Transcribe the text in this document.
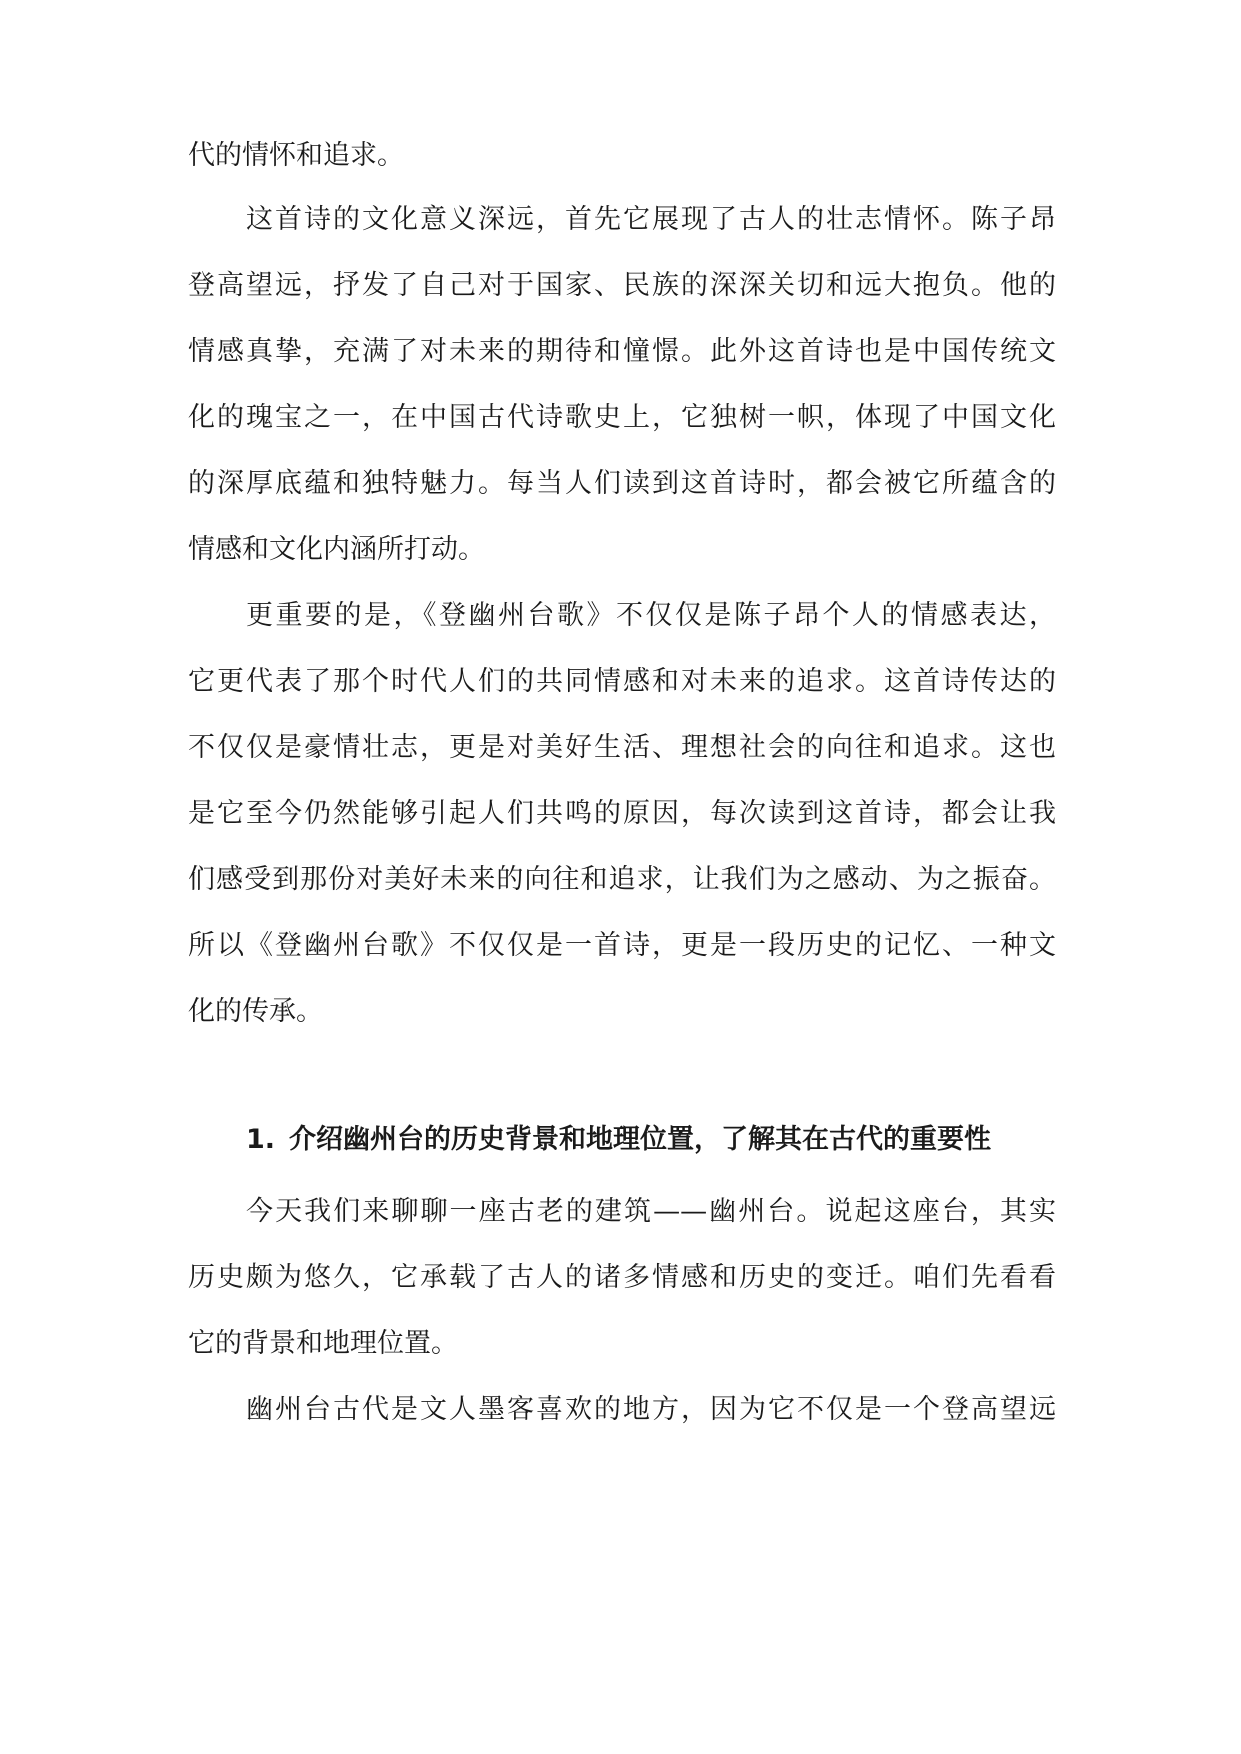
代的情怀和追求。
这首诗的文化意义深远，首先它展现了古人的壮志情怀。陈子昂
登高望远，抒发了自己对于国家、民族的深深关切和远大抱负。他的
情感真挚，充满了对未来的期待和憧憬。此外这首诗也是中国传统文
化的瑰宝之一，在中国古代诗歌史上，它独树一帜，体现了中国文化
的深厚底蕴和独特魅力。每当人们读到这首诗时，都会被它所蕴含的
情感和文化内涵所打动。
更重要的是，《登幽州台歌》不仅仅是陈子昂个人的情感表达，
它更代表了那个时代人们的共同情感和对未来的追求。这首诗传达的
不仅仅是豪情壮志，更是对美好生活、理想社会的向往和追求。这也
是它至今仍然能够引起人们共鸣的原因，每次读到这首诗，都会让我
们感受到那份对美好未来的向往和追求，让我们为之感动、为之振奋。
所以《登幽州台歌》不仅仅是一首诗，更是一段历史的记忆、一种文
化的传承。
1. 介绍幽州台的历史背景和地理位置，了解其在古代的重要性
今天我们来聊聊一座古老的建筑——幽州台。说起这座台，其实
历史颇为悠久，它承载了古人的诸多情感和历史的变迁。咱们先看看
它的背景和地理位置。
幽州台古代是文人墨客喜欢的地方，因为它不仅是一个登高望远
